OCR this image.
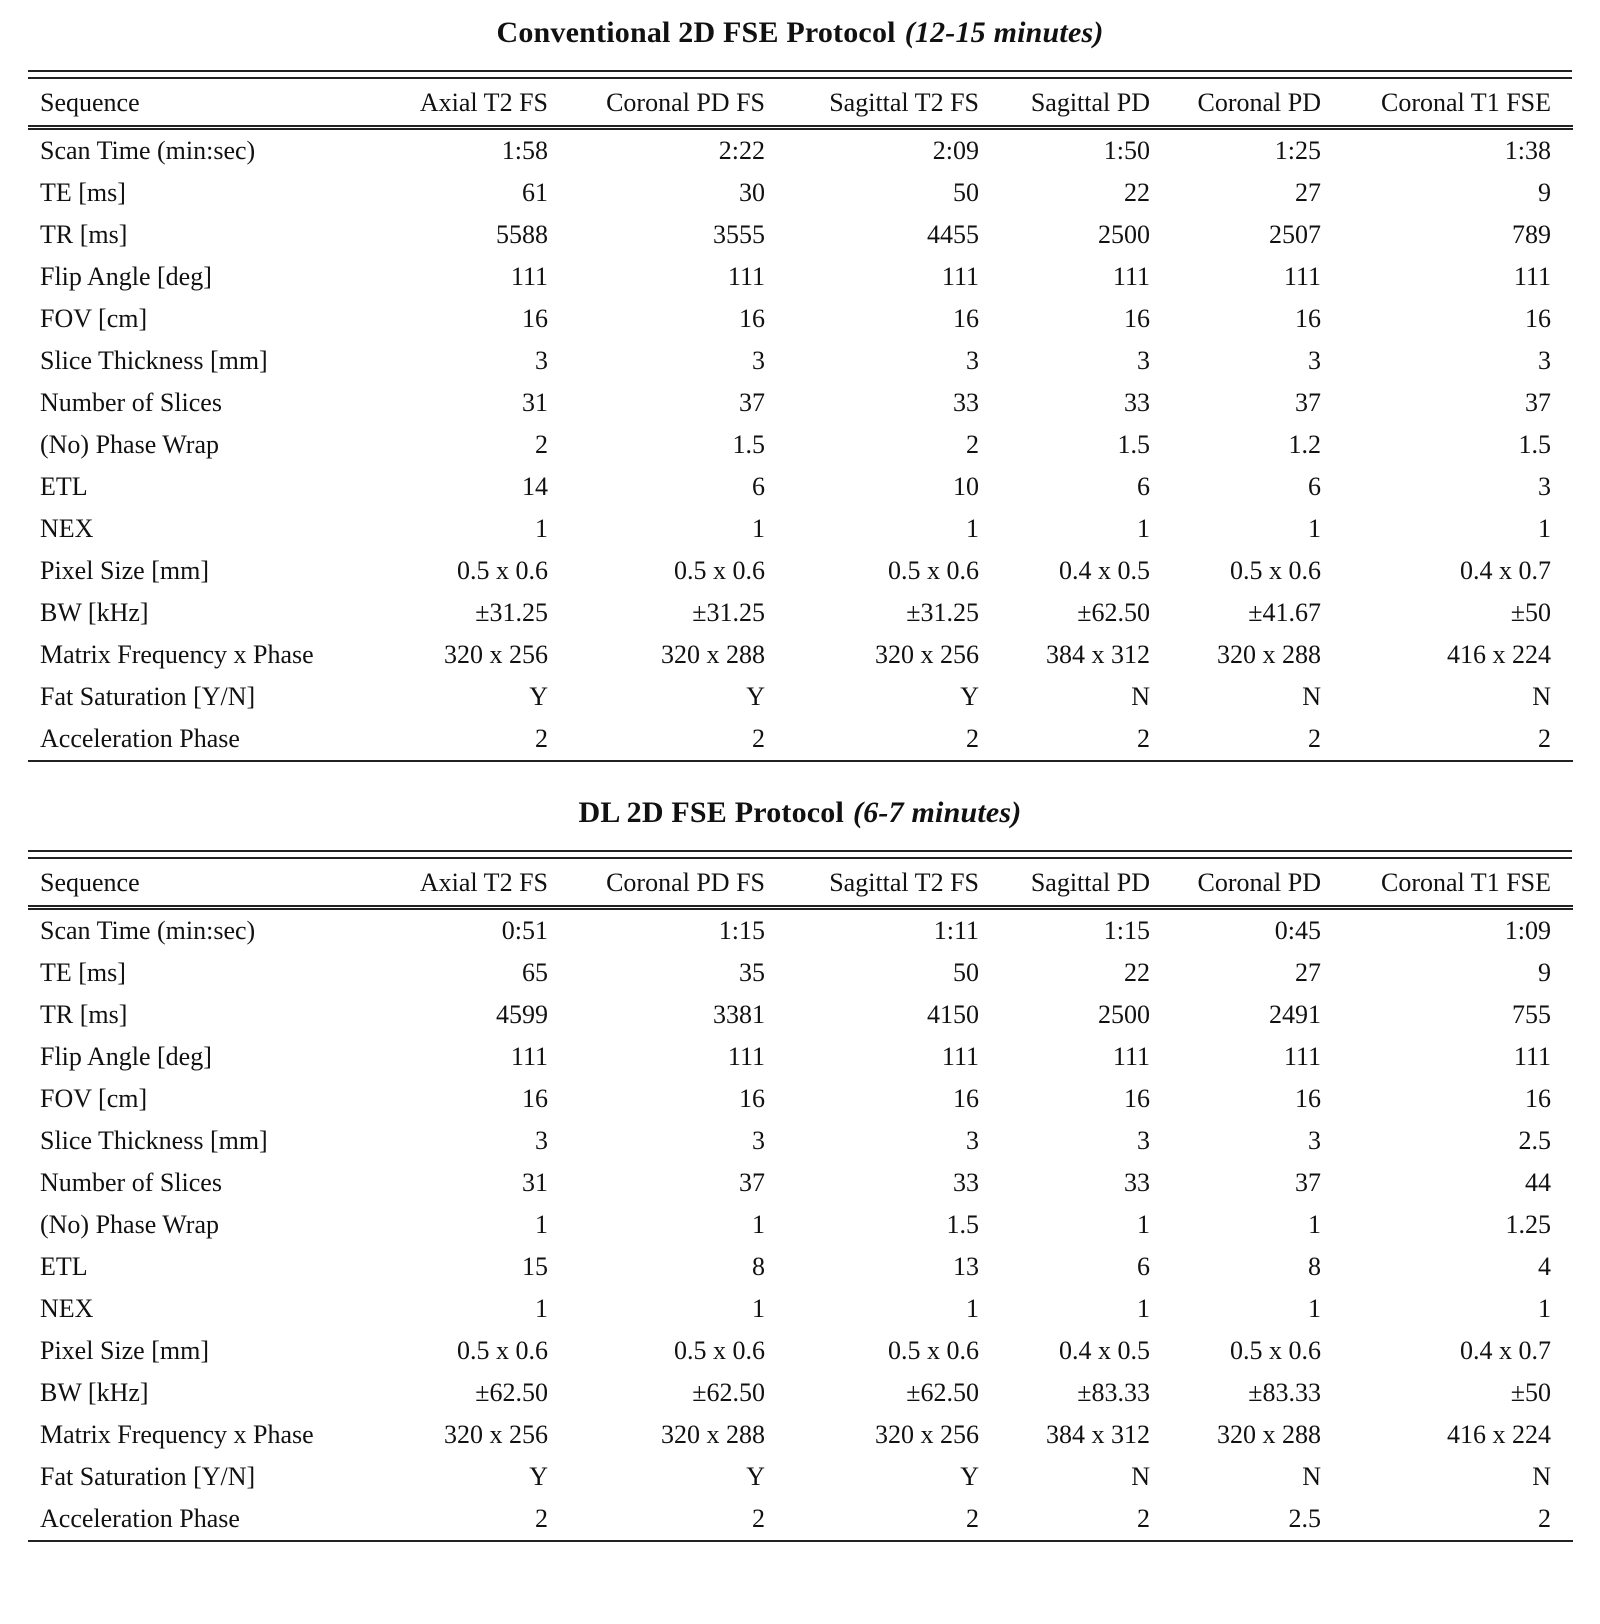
Conventional 2D FSE Protocol (12-15 minutes)
Sequence	Axial T2 FS	Coronal PD FS	Sagittal T2 FS	Sagittal PD	Coronal PD	Coronal T1 FSE
Scan Time (min:sec)	1:58	2:22	2:09	1:50	1:25	1:38
TE [ms]	61	30	50	22	27	9
TR [ms]	5588	3555	4455	2500	2507	789
Flip Angle [deg]	111	111	111	111	111	111
FOV [cm]	16	16	16	16	16	16
Slice Thickness [mm]	3	3	3	3	3	3
Number of Slices	31	37	33	33	37	37
(No) Phase Wrap	2	1.5	2	1.5	1.2	1.5
ETL	14	6	10	6	6	3
NEX	1	1	1	1	1	1
Pixel Size [mm]	0.5 x 0.6	0.5 x 0.6	0.5 x 0.6	0.4 x 0.5	0.5 x 0.6	0.4 x 0.7
BW [kHz]	±31.25	±31.25	±31.25	±62.50	±41.67	±50
Matrix Frequency x Phase	320 x 256	320 x 288	320 x 256	384 x 312	320 x 288	416 x 224
Fat Saturation [Y/N]	Y	Y	Y	N	N	N
Acceleration Phase	2	2	2	2	2	2
DL 2D FSE Protocol (6-7 minutes)
Sequence	Axial T2 FS	Coronal PD FS	Sagittal T2 FS	Sagittal PD	Coronal PD	Coronal T1 FSE
Scan Time (min:sec)	0:51	1:15	1:11	1:15	0:45	1:09
TE [ms]	65	35	50	22	27	9
TR [ms]	4599	3381	4150	2500	2491	755
Flip Angle [deg]	111	111	111	111	111	111
FOV [cm]	16	16	16	16	16	16
Slice Thickness [mm]	3	3	3	3	3	2.5
Number of Slices	31	37	33	33	37	44
(No) Phase Wrap	1	1	1.5	1	1	1.25
ETL	15	8	13	6	8	4
NEX	1	1	1	1	1	1
Pixel Size [mm]	0.5 x 0.6	0.5 x 0.6	0.5 x 0.6	0.4 x 0.5	0.5 x 0.6	0.4 x 0.7
BW [kHz]	±62.50	±62.50	±62.50	±83.33	±83.33	±50
Matrix Frequency x Phase	320 x 256	320 x 288	320 x 256	384 x 312	320 x 288	416 x 224
Fat Saturation [Y/N]	Y	Y	Y	N	N	N
Acceleration Phase	2	2	2	2	2.5	2
